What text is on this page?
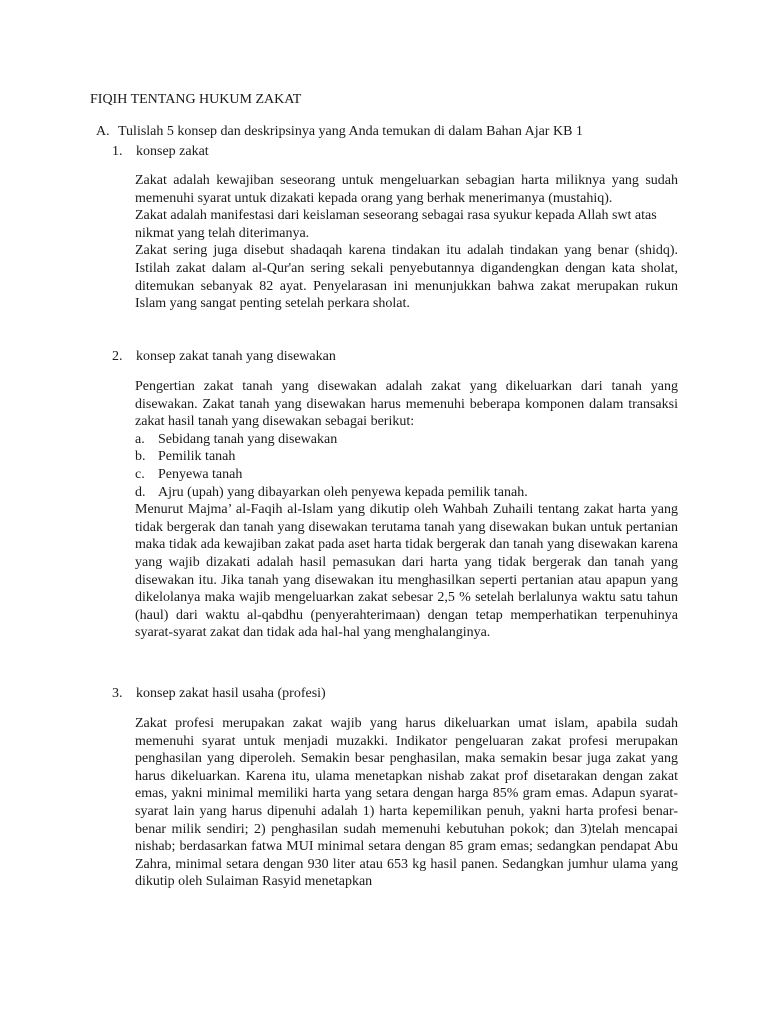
FIQIH TENTANG HUKUM ZAKAT
A. Tulislah 5 konsep dan deskripsinya yang Anda temukan di dalam Bahan Ajar KB 1
1. konsep zakat

Zakat adalah kewajiban seseorang untuk mengeluarkan sebagian harta miliknya yang sudah memenuhi syarat untuk dizakati kepada orang yang berhak menerimanya (mustahiq).

Zakat adalah manifestasi dari keislaman seseorang sebagai rasa syukur kepada Allah swt atas nikmat yang telah diterimanya.

Zakat sering juga disebut shadaqah karena tindakan itu adalah tindakan yang benar (shidq). Istilah zakat dalam al-Qur'an sering sekali penyebutannya digandengkan dengan kata sholat, ditemukan sebanyak 82 ayat. Penyelarasan ini menunjukkan bahwa zakat merupakan rukun Islam yang sangat penting setelah perkara sholat.

2. konsep zakat tanah yang disewakan

Pengertian zakat tanah yang disewakan adalah zakat yang dikeluarkan dari tanah yang disewakan. Zakat tanah yang disewakan harus memenuhi beberapa komponen dalam transaksi zakat hasil tanah yang disewakan sebagai berikut:

a. Sebidang tanah yang disewakan
b. Pemilik tanah
c. Penyewa tanah
d. Ajru (upah) yang dibayarkan oleh penyewa kepada pemilik tanah.

Menurut Majma’ al-Faqih al-Islam yang dikutip oleh Wahbah Zuhaili tentang zakat harta yang tidak bergerak dan tanah yang disewakan terutama tanah yang disewakan bukan untuk pertanian maka tidak ada kewajiban zakat pada aset harta tidak bergerak dan tanah yang disewakan karena yang wajib dizakati adalah hasil pemasukan dari harta yang tidak bergerak dan tanah yang disewakan itu. Jika tanah yang disewakan itu menghasilkan seperti pertanian atau apapun yang dikelolanya maka wajib mengeluarkan zakat sebesar 2,5 % setelah berlalunya waktu satu tahun (haul) dari waktu al-qabdhu (penyerahterimaan) dengan tetap memperhatikan terpenuhinya syarat-syarat zakat dan tidak ada hal-hal yang menghalanginya.

3. konsep zakat hasil usaha (profesi)

Zakat profesi merupakan zakat wajib yang harus dikeluarkan umat islam, apabila sudah memenuhi syarat untuk menjadi muzakki. Indikator pengeluaran zakat profesi merupakan penghasilan yang diperoleh. Semakin besar penghasilan, maka semakin besar juga zakat yang harus dikeluarkan. Karena itu, ulama menetapkan nishab zakat prof disetarakan dengan zakat emas, yakni minimal memiliki harta yang setara dengan harga 85% gram emas. Adapun syarat-syarat lain yang harus dipenuhi adalah 1) harta kepemilikan penuh, yakni harta profesi benar-benar milik sendiri; 2) penghasilan sudah memenuhi kebutuhan pokok; dan 3)telah mencapai nishab; berdasarkan fatwa MUI minimal setara dengan 85 gram emas; sedangkan pendapat Abu Zahra, minimal setara dengan 930 liter atau 653 kg hasil panen. Sedangkan jumhur ulama yang dikutip oleh Sulaiman Rasyid menetapkan
